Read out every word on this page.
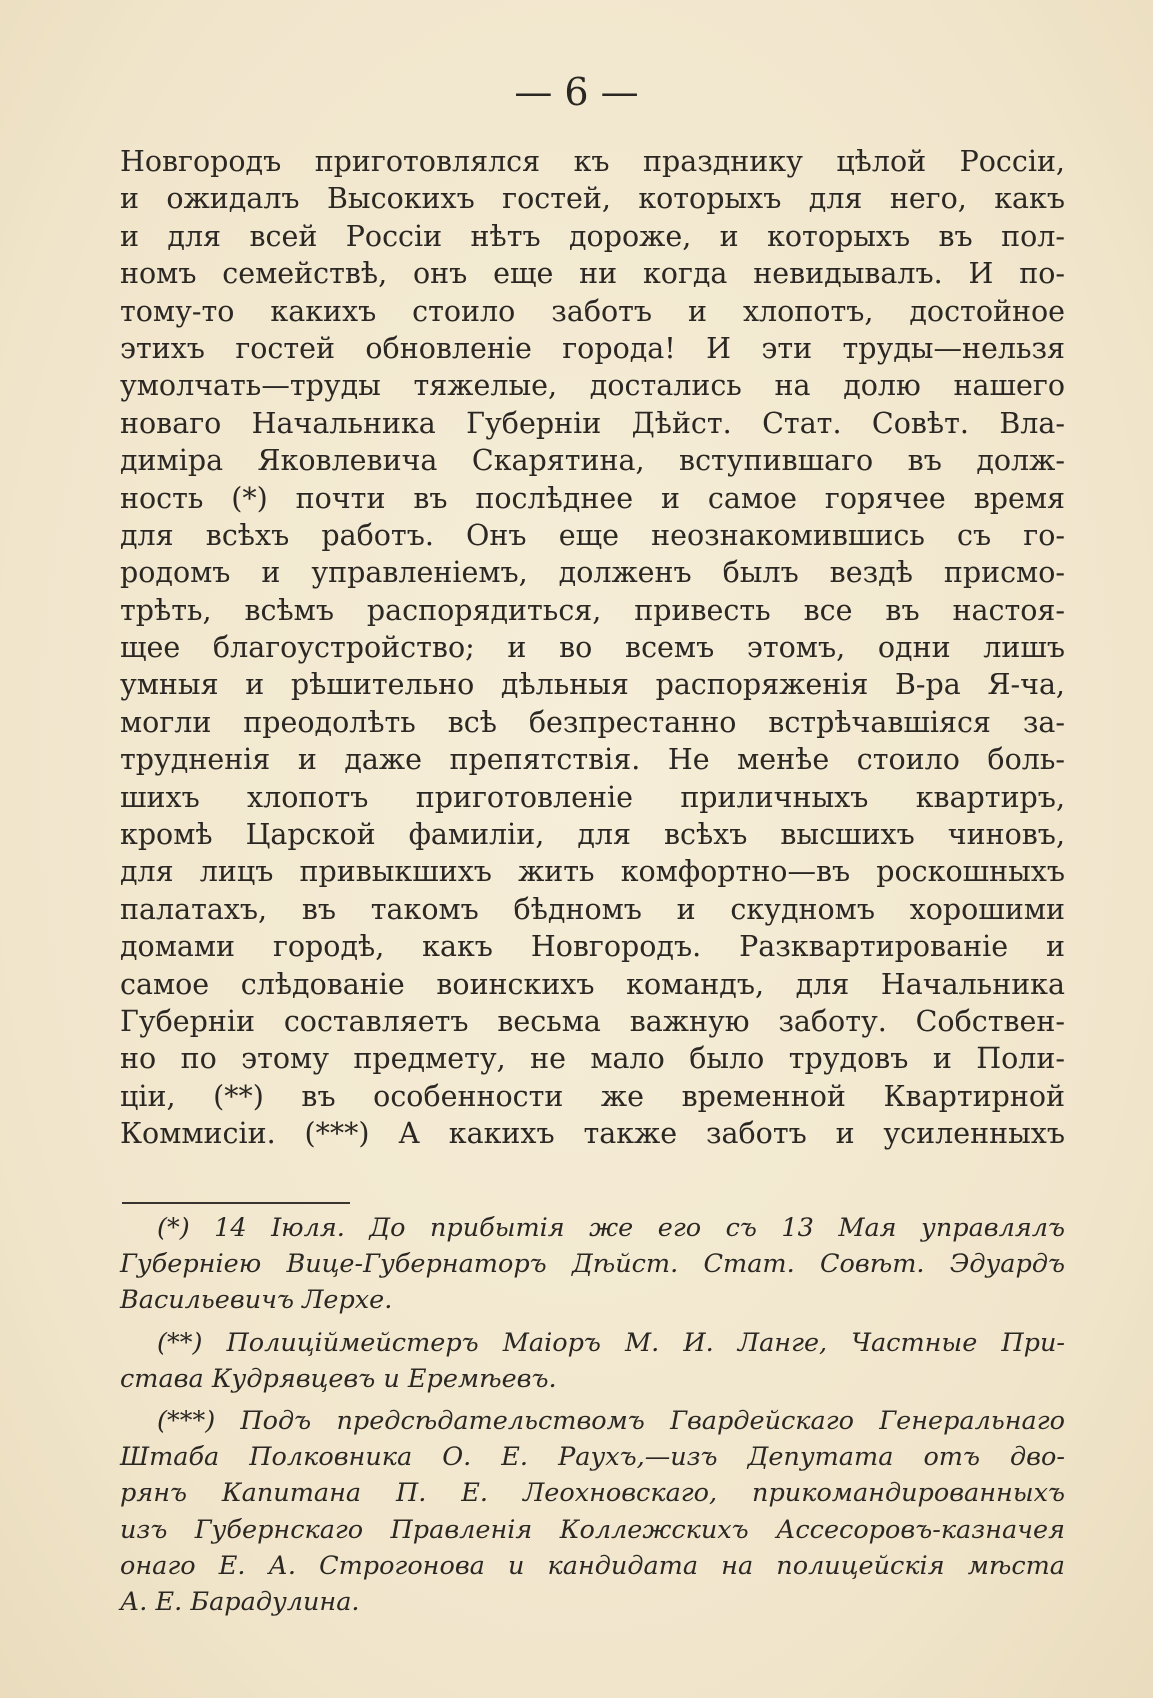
— 6 —
Новгородъ приготовлялся къ празднику цѣлой Россіи,
и ожидалъ Высокихъ гостей, которыхъ для него, какъ
и для всей Россіи нѣтъ дороже, и которыхъ въ пол-
номъ семействѣ, онъ еще ни когда невидывалъ. И по-
тому-то какихъ стоило заботъ и хлопотъ, достойное
этихъ гостей обновленіе города! И эти труды—нельзя
умолчать—труды тяжелые, достались на долю нашего
новаго Начальника Губерніи Дѣйст. Стат. Совѣт. Вла-
диміра Яковлевича Скарятина, вступившаго въ долж-
ность (*) почти въ послѣднее и самое горячее время
для всѣхъ работъ. Онъ еще неознакомившись съ го-
родомъ и управленіемъ, долженъ былъ вездѣ присмо-
трѣть, всѣмъ распорядиться, привесть все въ настоя-
щее благоустройство; и во всемъ этомъ, одни лишъ
умныя и рѣшительно дѣльныя распоряженія В-ра Я-ча,
могли преодолѣть всѣ безпрестанно встрѣчавшіяся за-
трудненія и даже препятствія. Не менѣе стоило боль-
шихъ хлопотъ приготовленіе приличныхъ квартиръ,
кромѣ Царской фамиліи, для всѣхъ высшихъ чиновъ,
для лицъ привыкшихъ жить комфортно—въ роскошныхъ
палатахъ, въ такомъ бѣдномъ и скудномъ хорошими
домами городѣ, какъ Новгородъ. Разквартированіе и
самое слѣдованіе воинскихъ командъ, для Начальника
Губерніи составляетъ весьма важную заботу. Собствен-
но по этому предмету, не мало было трудовъ и Поли-
ціи, (**) въ особенности же временной Квартирной
Коммисіи. (***) А какихъ также заботъ и усиленныхъ
(*) 14 Іюля. До прибытія же его съ 13 Мая управлялъ
Губерніею Вице-Губернаторъ Дѣйст. Стат. Совѣт. Эдуардъ
Васильевичъ Лерхе.
(**) Полиціймейстеръ Маіоръ М. И. Ланге, Частные При-
става Кудрявцевъ и Еремѣевъ.
(***) Подъ предсѣдательствомъ Гвардейскаго Генеральнаго
Штаба Полковника О. Е. Раухъ,—изъ Депутата отъ дво-
рянъ Капитана П. Е. Леохновскаго, прикомандированныхъ
изъ Губернскаго Правленія Коллежскихъ Ассесоровъ-казначея
онаго Е. А. Строгонова и кандидата на полицейскія мѣста
А. Е. Барадулина.
